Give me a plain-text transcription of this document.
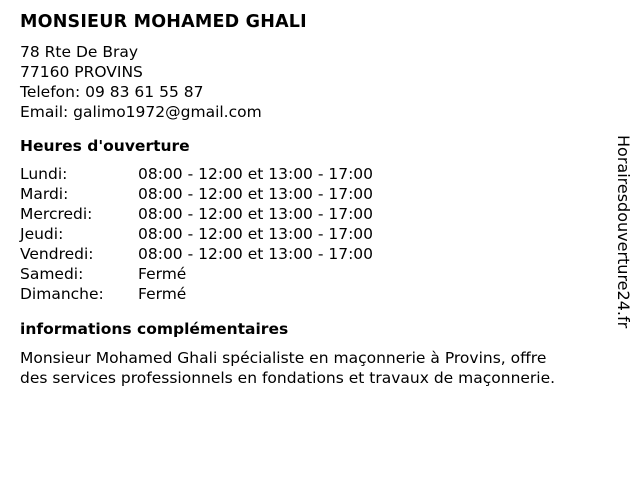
MONSIEUR MOHAMED GHALI
78 Rte De Bray
77160 PROVINS
Telefon: 09 83 61 55 87
Email: galimo1972@gmail.com
Heures d'ouverture
Lundi:	08:00 - 12:00 et 13:00 - 17:00
Mardi:	08:00 - 12:00 et 13:00 - 17:00
Mercredi:	08:00 - 12:00 et 13:00 - 17:00
Jeudi:	08:00 - 12:00 et 13:00 - 17:00
Vendredi:	08:00 - 12:00 et 13:00 - 17:00
Samedi:	Fermé
Dimanche:	Fermé
informations complémentaires
Monsieur Mohamed Ghali spécialiste en maçonnerie à Provins, offre
des services professionnels en fondations et travaux de maçonnerie.
Horairesdouverture24.fr
